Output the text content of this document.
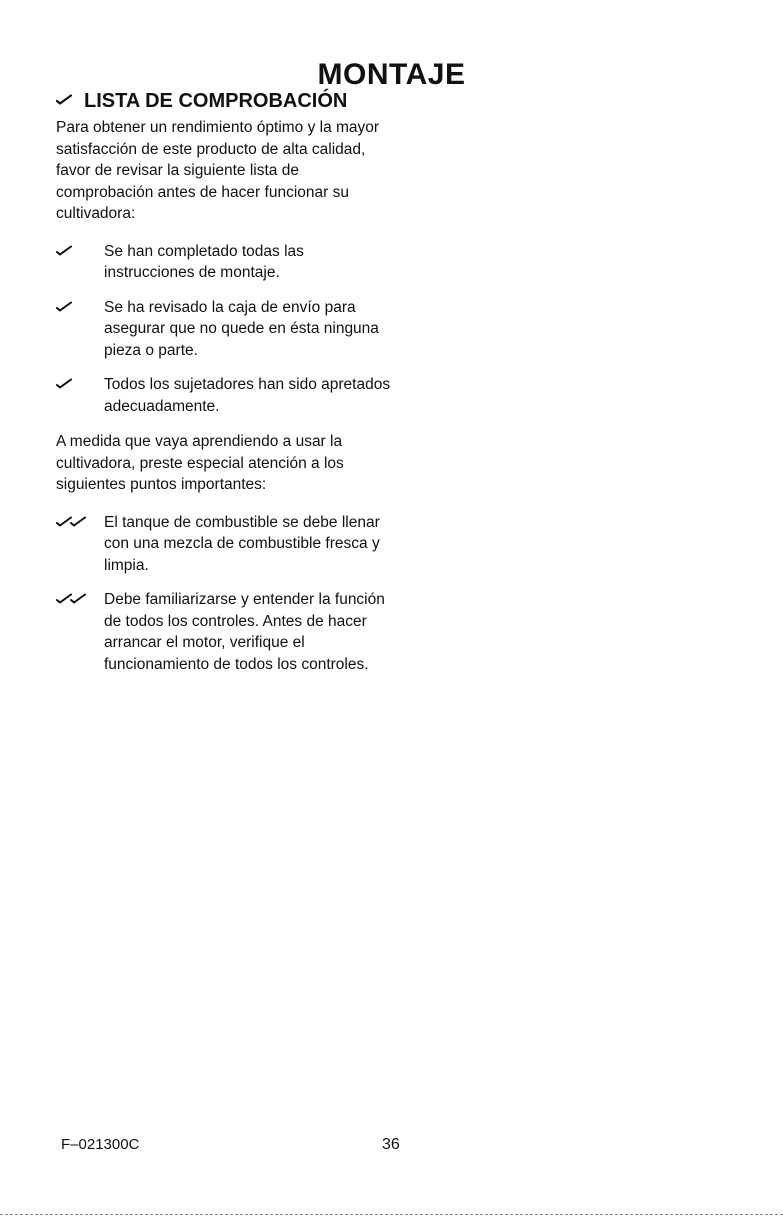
MONTAJE
LISTA DE COMPROBACIÓN

Para obtener un rendimiento óptimo y la mayor satisfacción de este producto de alta calidad, favor de revisar la siguiente lista de comprobación antes de hacer funcionar su cultivadora:

Se han completado todas las instrucciones de montaje.
Se ha revisado la caja de envío para asegurar que no quede en ésta ninguna pieza o parte.
Todos los sujetadores han sido apretados adecuadamente.

A medida que vaya aprendiendo a usar la cultivadora, preste especial atención a los siguientes puntos importantes:

El tanque de combustible se debe llenar con una mezcla de combustible fresca y limpia.
Debe familiarizarse y entender la función de todos los controles. Antes de hacer arrancar el motor, verifique el funcionamiento de todos los controles.
F–021300C	36
